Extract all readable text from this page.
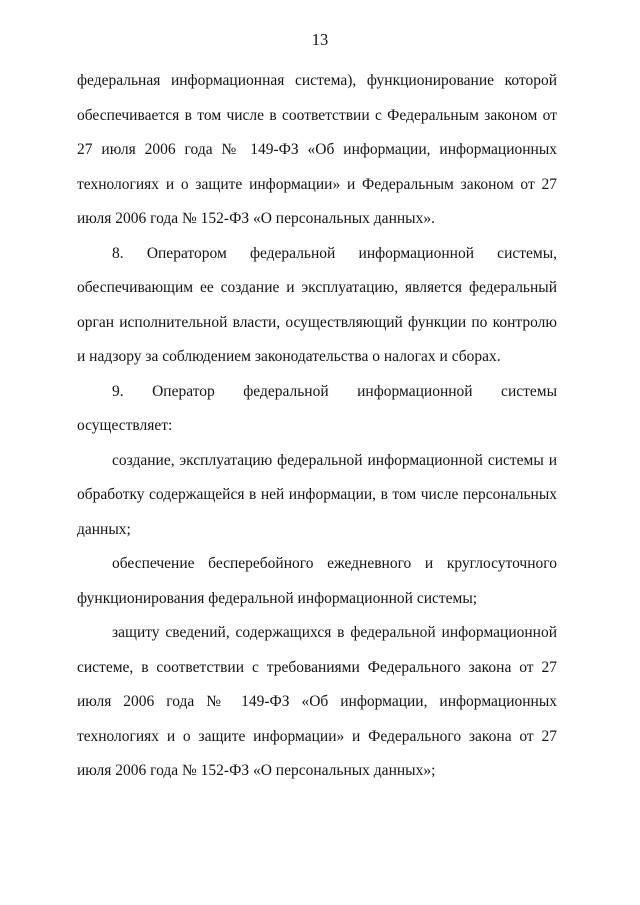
13

федеральная информационная система), функционирование которой обеспечивается в том числе в соответствии с Федеральным законом от 27 июля 2006 года № 149-ФЗ «Об информации, информационных технологиях и о защите информации» и Федеральным законом от 27 июля 2006 года № 152-ФЗ «О персональных данных».

8. Оператором федеральной информационной системы, обеспечивающим ее создание и эксплуатацию, является федеральный орган исполнительной власти, осуществляющий функции по контролю и надзору за соблюдением законодательства о налогах и сборах.

9. Оператор федеральной информационной системы осуществляет:

создание, эксплуатацию федеральной информационной системы и обработку содержащейся в ней информации, в том числе персональных данных;

обеспечение бесперебойного ежедневного и круглосуточного функционирования федеральной информационной системы;

защиту сведений, содержащихся в федеральной информационной системе, в соответствии с требованиями Федерального закона от 27 июля 2006 года № 149-ФЗ «Об информации, информационных технологиях и о защите информации» и Федерального закона от 27 июля 2006 года № 152-ФЗ «О персональных данных»;
